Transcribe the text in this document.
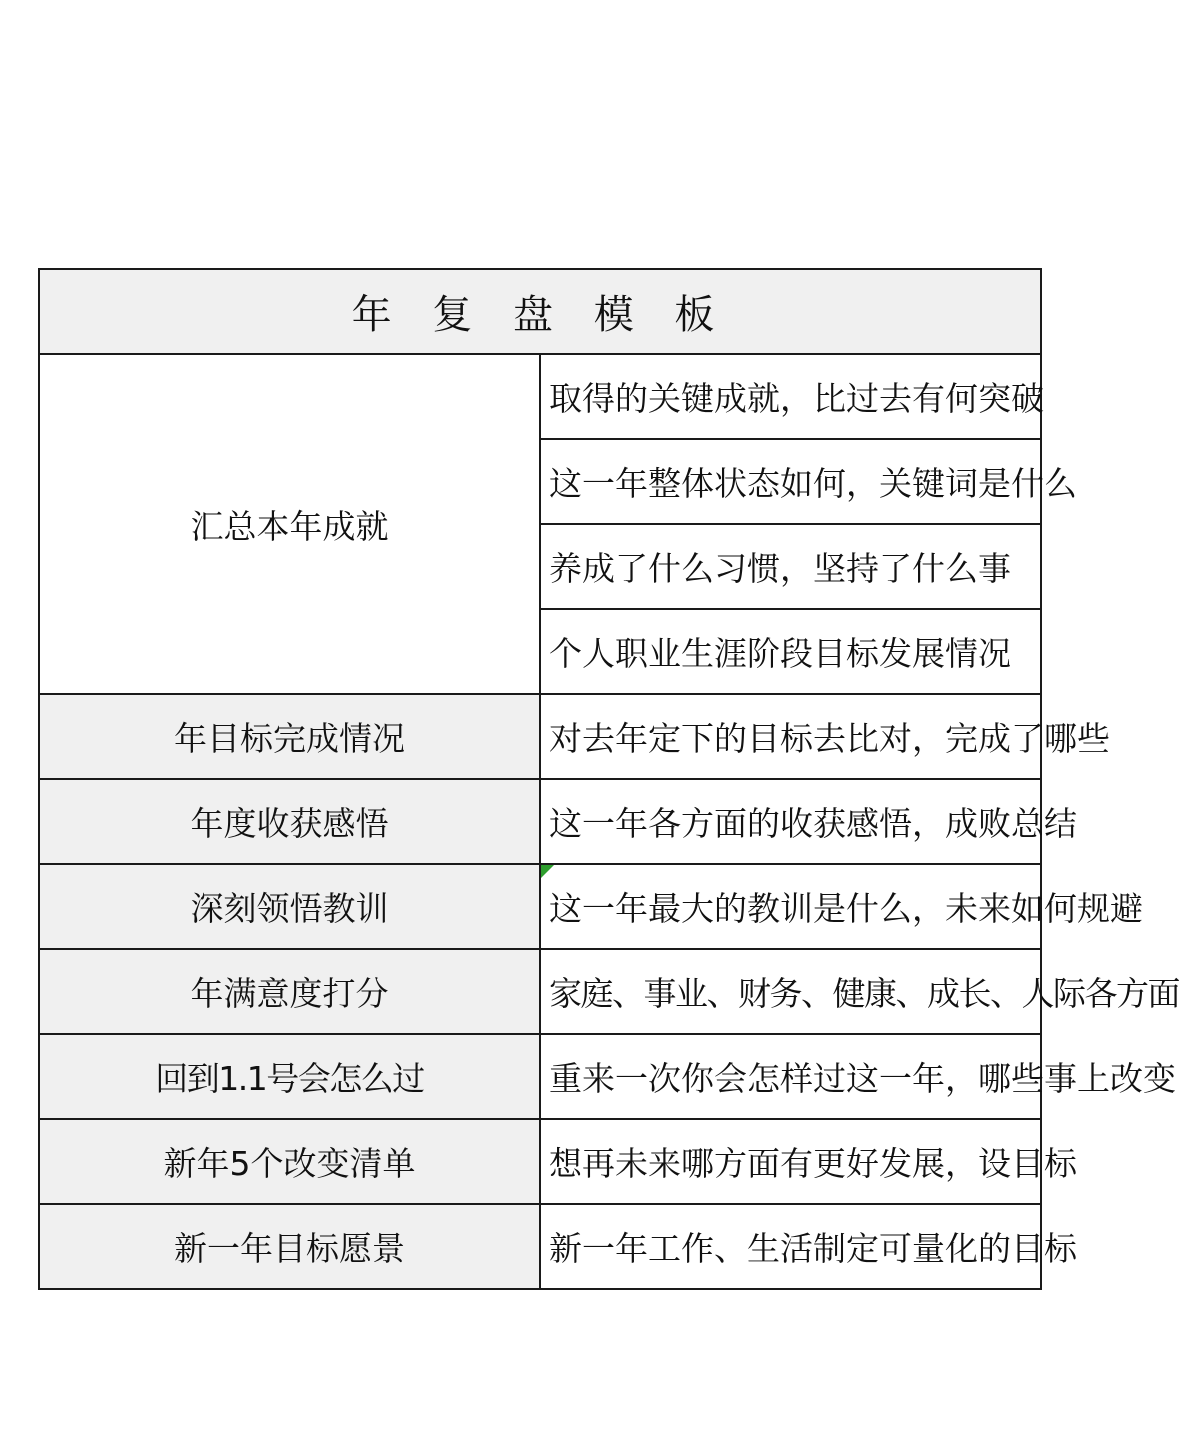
年 复 盘 模 板	
汇总本年成就	取得的关键成就，比过去有何突破
	这一年整体状态如何，关键词是什么
	养成了什么习惯，坚持了什么事
	个人职业生涯阶段目标发展情况
年目标完成情况	对去年定下的目标去比对，完成了哪些
年度收获感悟	这一年各方面的收获感悟，成败总结
深刻领悟教训	这一年最大的教训是什么，未来如何规避
年满意度打分	家庭、事业、财务、健康、成长、人际各方面
回到1.1号会怎么过	重来一次你会怎样过这一年，哪些事上改变
新年5个改变清单	想再未来哪方面有更好发展，设目标
新一年目标愿景	新一年工作、生活制定可量化的目标
